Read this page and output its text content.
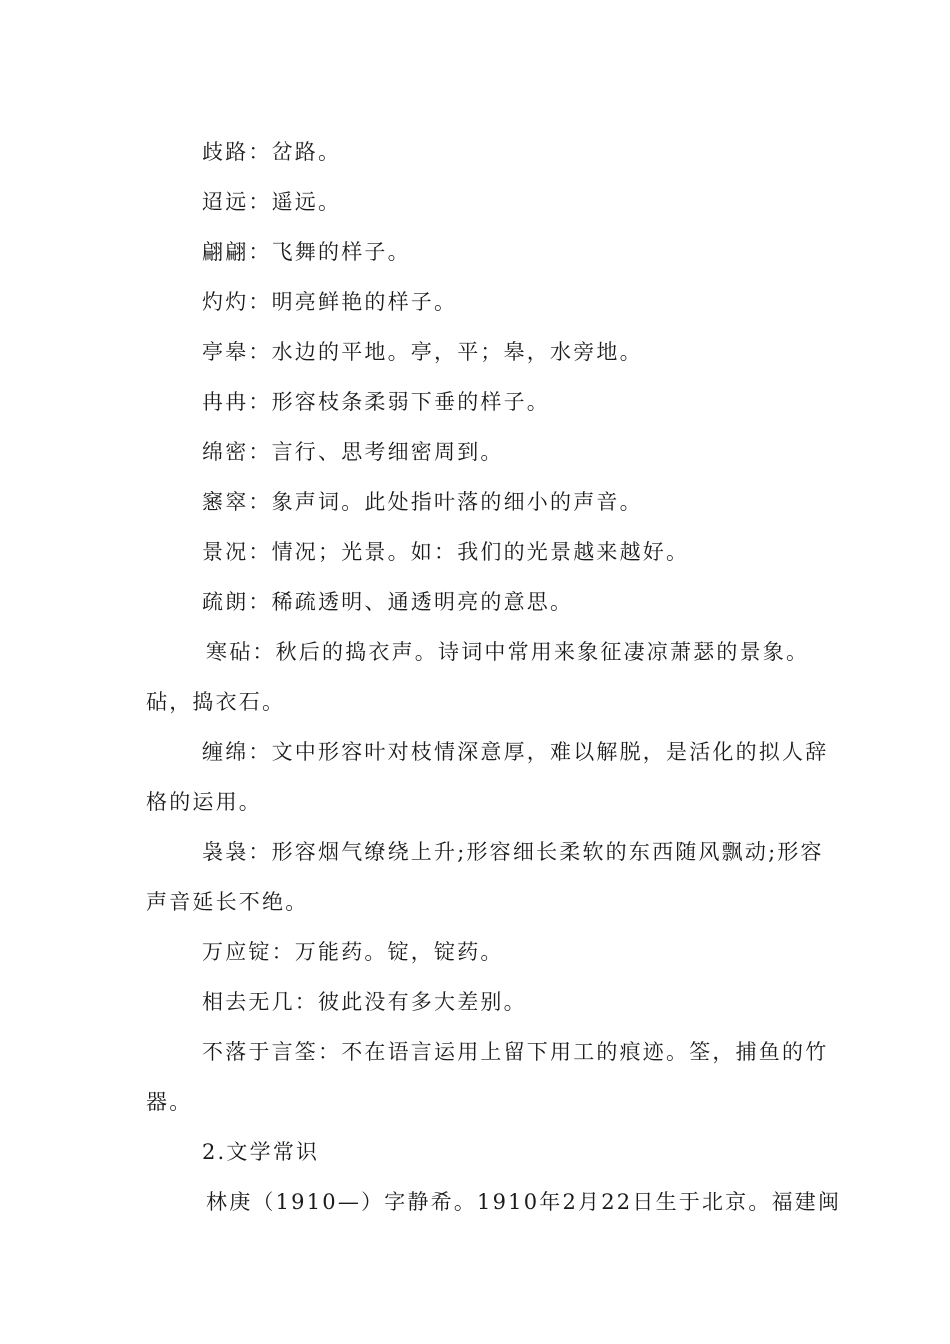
歧路：岔路。
迢远：遥远。
翩翩：飞舞的样子。
灼灼：明亮鲜艳的样子。
亭皋：水边的平地。亭，平；皋，水旁地。
冉冉：形容枝条柔弱下垂的样子。
绵密：言行、思考细密周到。
窸窣：象声词。此处指叶落的细小的声音。
景况：情况；光景。如：我们的光景越来越好。
疏朗：稀疏透明、通透明亮的意思。
寒砧：秋后的捣衣声。诗词中常用来象征凄凉萧瑟的景象。
砧，捣衣石。
缠绵：文中形容叶对枝情深意厚，难以解脱，是活化的拟人辞
格的运用。
袅袅：形容烟气缭绕上升;形容细长柔软的东西随风飘动;形容
声音延长不绝。
万应锭：万能药。锭，锭药。
相去无几：彼此没有多大差别。
不落于言筌：不在语言运用上留下用工的痕迹。筌，捕鱼的竹
器。
2.文学常识
林庚（1910—）字静希。1910年2月22日生于北京。福建闽
